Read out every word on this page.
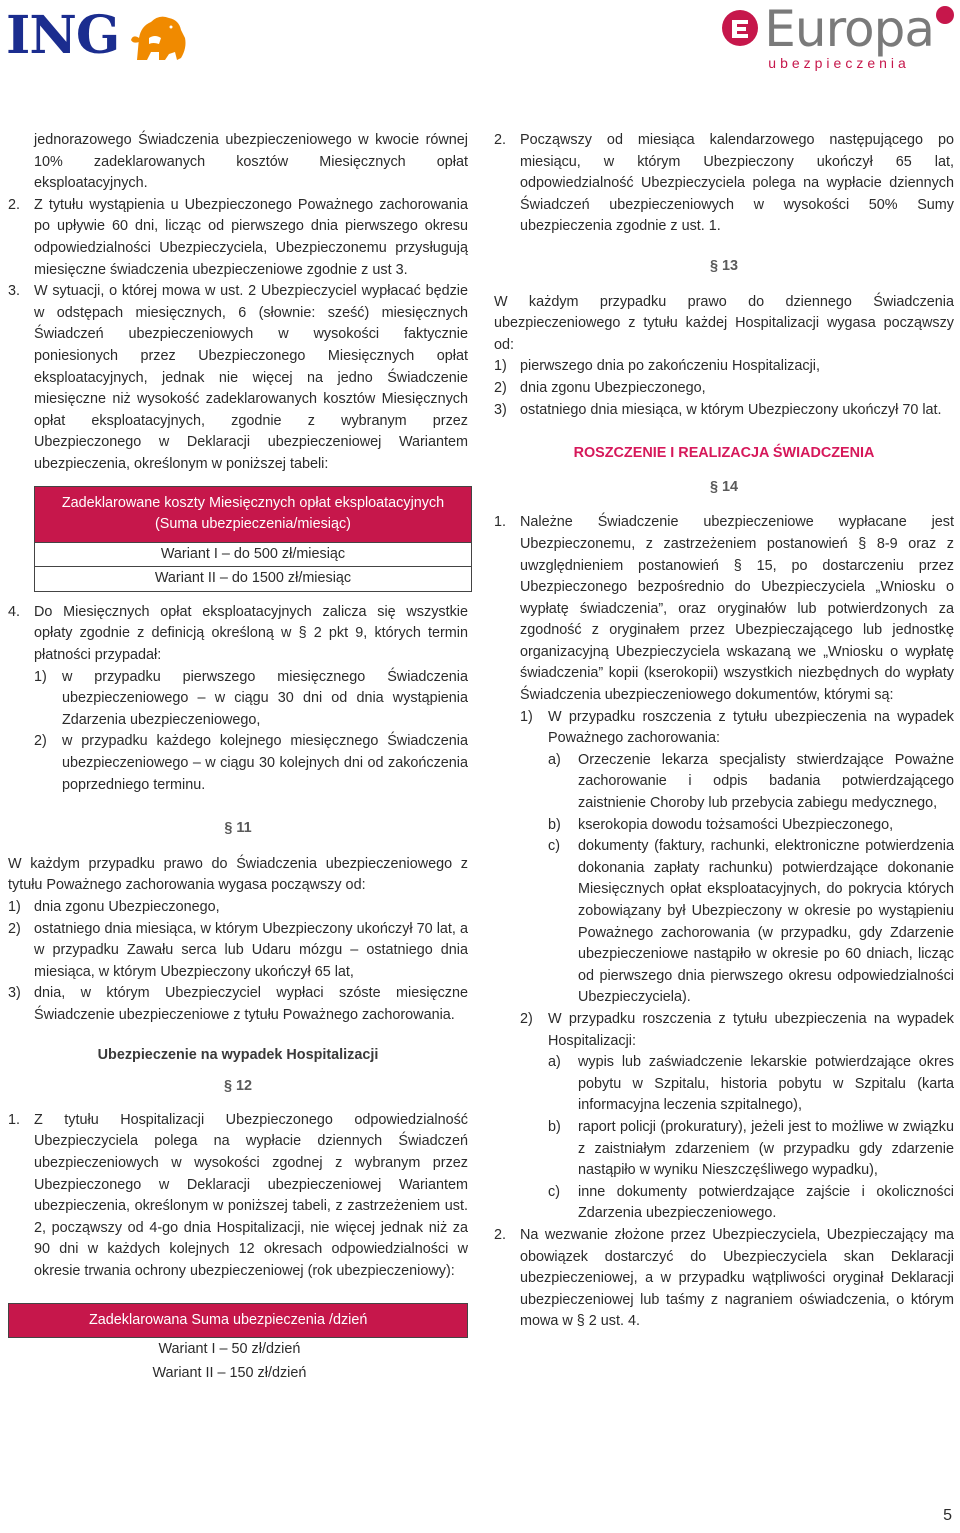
ING	Europa
ubezpieczenia

jednorazowego Świadczenia ubezpieczeniowego w kwocie równej 10% zadeklarowanych kosztów Miesięcznych opłat eksploatacyjnych.

2. Z tytułu wystąpienia u Ubezpieczonego Poważnego zachorowania po upływie 60 dni, licząc od pierwszego dnia pierwszego okresu odpowiedzialności Ubezpieczyciela, Ubezpieczonemu przysługują miesięczne świadczenia ubezpieczeniowe zgodnie z ust 3.
3. W sytuacji, o której mowa w ust. 2 Ubezpieczyciel wypłacać będzie w odstępach miesięcznych, 6 (słownie: sześć) miesięcznych Świadczeń ubezpieczeniowych w wysokości faktycznie poniesionych przez Ubezpieczonego Miesięcznych opłat eksploatacyjnych, jednak nie więcej na jedno Świadczenie miesięczne niż wysokość zadeklarowanych kosztów Miesięcznych opłat eksploatacyjnych, zgodnie z wybranym przez Ubezpieczonego w Deklaracji ubezpieczeniowej Wariantem ubezpieczenia, określonym w poniższej tabeli:
Zadeklarowane koszty Miesięcznych opłat eksploatacyjnych (Suma ubezpieczenia/miesiąc)
Wariant I – do 500 zł/miesiąc
Wariant II – do 1500 zł/miesiąc
4. Do Miesięcznych opłat eksploatacyjnych zalicza się wszystkie opłaty zgodnie z definicją określoną w § 2 pkt 9, których termin płatności przypadał:
1)	w przypadku pierwszego miesięcznego Świadczenia ubezpieczeniowego – w ciągu 30 dni od dnia wystąpienia Zdarzenia ubezpieczeniowego,
2)	w przypadku każdego kolejnego miesięcznego Świadczenia ubezpieczeniowego – w ciągu 30 kolejnych dni od zakończenia poprzedniego terminu.

§ 11

W każdym przypadku prawo do Świadczenia ubezpieczeniowego z tytułu Poważnego zachorowania wygasa począwszy od:

1) dnia zgonu Ubezpieczonego,
2) ostatniego dnia miesiąca, w którym Ubezpieczony ukończył 70 lat, a w przypadku Zawału serca lub Udaru mózgu – ostatniego dnia miesiąca, w którym Ubezpieczony ukończył 65 lat,
3) dnia, w którym Ubezpieczyciel wypłaci szóste miesięczne Świadczenie ubezpieczeniowe z tytułu Poważnego zachorowania.

Ubezpieczenie na wypadek Hospitalizacji

§ 12

1. Z tytułu Hospitalizacji Ubezpieczonego odpowiedzialność Ubezpieczyciela polega na wypłacie dziennych Świadczeń ubezpieczeniowych w wysokości zgodnej z wybranym przez Ubezpieczonego w Deklaracji ubezpieczeniowej Wariantem ubezpieczenia, określonym w poniższej tabeli, z zastrzeżeniem ust. 2, począwszy od 4-go dnia Hospitalizacji, nie więcej jednak niż za 90 dni w każdych kolejnych 12 okresach odpowiedzialności w okresie trwania ochrony ubezpieczeniowej (rok ubezpieczeniowy):
Zadeklarowana Suma ubezpieczenia /dzień
Wariant I – 50 zł/dzień
Wariant II – 150 zł/dzień
2. Począwszy od miesiąca kalendarzowego następującego po miesiącu, w którym Ubezpieczony ukończył 65 lat, odpowiedzialność Ubezpieczyciela polega na wypłacie dziennych Świadczeń ubezpieczeniowych w wysokości 50% Sumy ubezpieczenia zgodnie z ust. 1.

§ 13

W każdym przypadku prawo do dziennego Świadczenia ubezpieczeniowego z tytułu każdej Hospitalizacji wygasa począwszy od:

1) pierwszego dnia po zakończeniu Hospitalizacji,
2) dnia zgonu Ubezpieczonego,
3) ostatniego dnia miesiąca, w którym Ubezpieczony ukończył 70 lat.

ROSZCZENIE I REALIZACJA ŚWIADCZENIA

§ 14

1. Należne Świadczenie ubezpieczeniowe wypłacane jest Ubezpieczonemu, z zastrzeżeniem postanowień § 8-9 oraz z uwzględnieniem postanowień § 15, po dostarczeniu przez Ubezpieczonego bezpośrednio do Ubezpieczyciela „Wniosku o wypłatę świadczenia”, oraz oryginałów lub potwierdzonych za zgodność z oryginałem przez Ubezpieczającego lub jednostkę organizacyjną Ubezpieczyciela wskazaną we „Wniosku o wypłatę świadczenia” kopii (kserokopii) wszystkich niezbędnych do wypłaty Świadczenia ubezpieczeniowego dokumentów, którymi są:
1)	W przypadku roszczenia z tytułu ubezpieczenia na wypadek Poważnego zachorowania:
a)	Orzeczenie lekarza specjalisty stwierdzające Poważne zachorowanie i odpis badania potwierdzającego zaistnienie Choroby lub przebycia zabiegu medycznego,
b)	kserokopia dowodu tożsamości Ubezpieczonego,
c)	dokumenty (faktury, rachunki, elektroniczne potwierdzenia dokonania zapłaty rachunku) potwierdzające dokonanie Miesięcznych opłat eksploatacyjnych, do pokrycia których zobowiązany był Ubezpieczony w okresie po wystąpieniu Poważnego zachorowania (w przypadku, gdy Zdarzenie ubezpieczeniowe nastąpiło w okresie po 60 dniach, licząc od pierwszego dnia pierwszego okresu odpowiedzialności Ubezpieczyciela).
2)	W przypadku roszczenia z tytułu ubezpieczenia na wypadek Hospitalizacji:
a)	wypis lub zaświadczenie lekarskie potwierdzające okres pobytu w Szpitalu, historia pobytu w Szpitalu (karta informacyjna leczenia szpitalnego),
b)	raport policji (prokuratury), jeżeli jest to możliwe w związku z zaistniałym zdarzeniem (w przypadku gdy zdarzenie nastąpiło w wyniku Nieszczęśliwego wypadku),
c)	inne dokumenty potwierdzające zajście i okoliczności Zdarzenia ubezpieczeniowego.
2. Na wezwanie złożone przez Ubezpieczyciela, Ubezpieczający ma obowiązek dostarczyć do Ubezpieczyciela skan Deklaracji ubezpieczeniowej, a w przypadku wątpliwości oryginał Deklaracji ubezpieczeniowej lub taśmy z nagraniem oświadczenia, o którym mowa w § 2 ust. 4.
5
